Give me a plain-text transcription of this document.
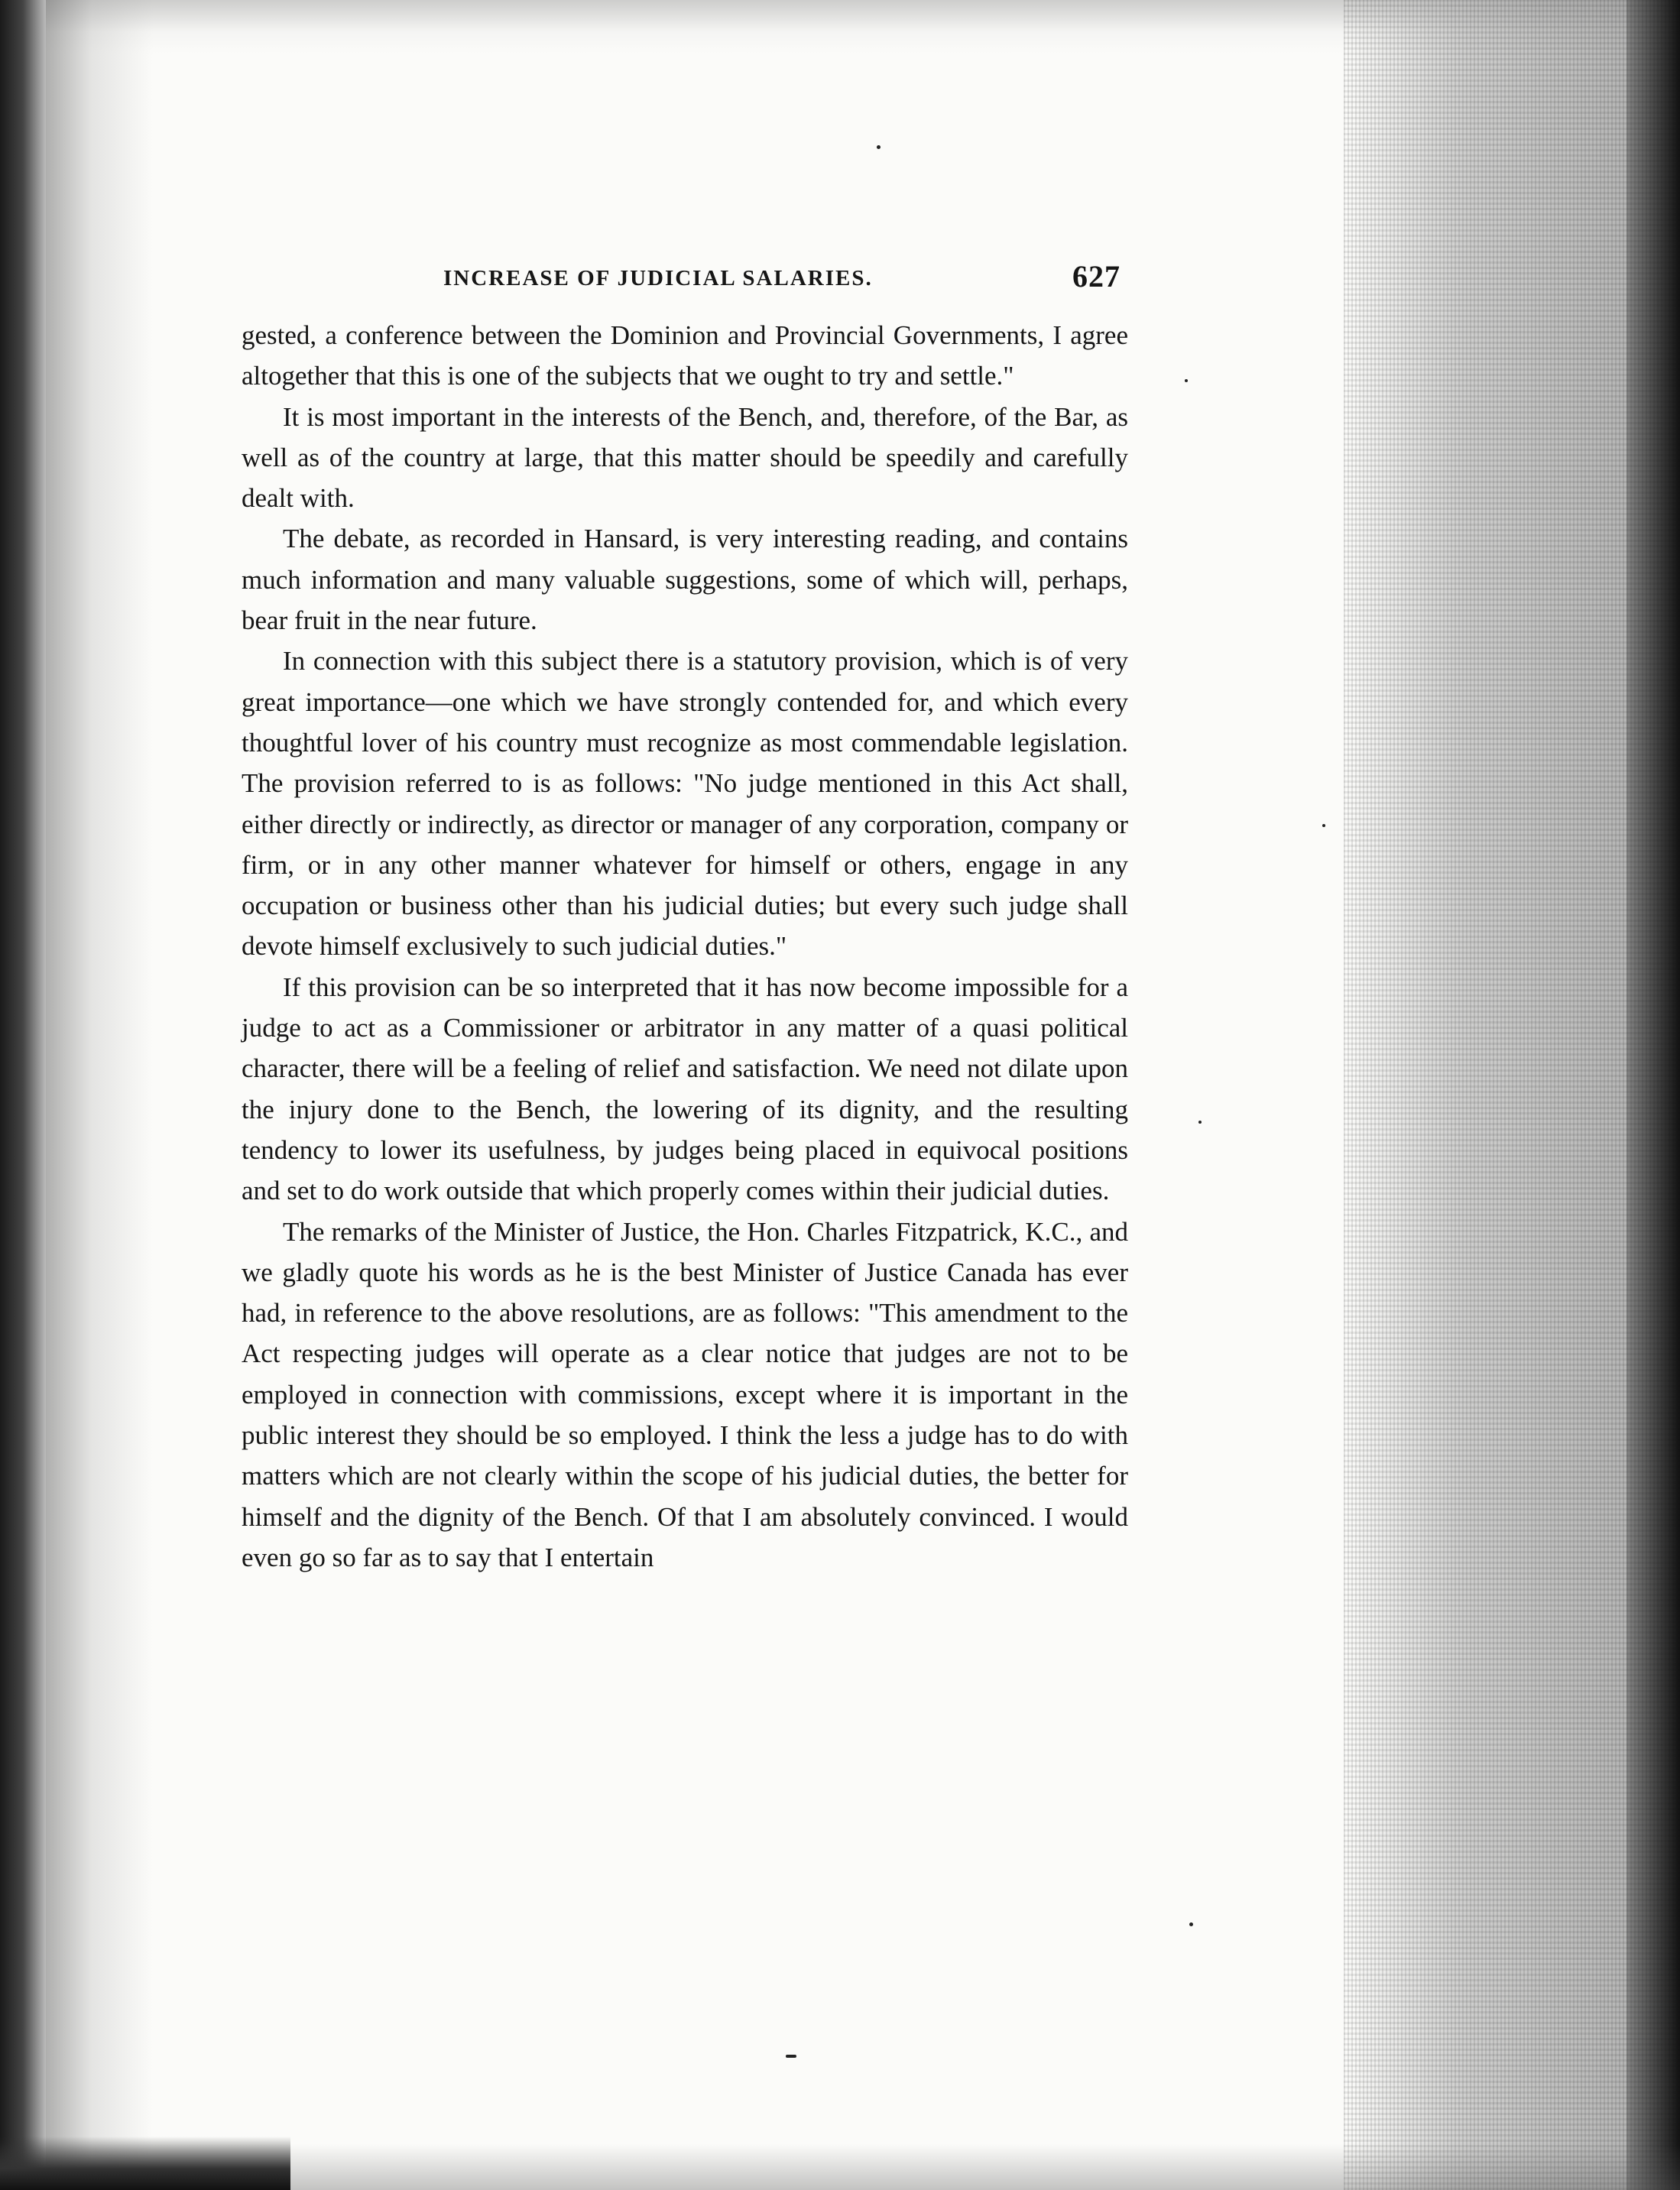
INCREASE OF JUDICIAL SALARIES.	627

gested, a conference between the Dominion and Provincial Governments, I agree altogether that this is one of the subjects that we ought to try and settle."

It is most important in the interests of the Bench, and, therefore, of the Bar, as well as of the country at large, that this matter should be speedily and carefully dealt with.

The debate, as recorded in Hansard, is very interesting reading, and contains much information and many valuable suggestions, some of which will, perhaps, bear fruit in the near future.

In connection with this subject there is a statutory provision, which is of very great importance—one which we have strongly contended for, and which every thoughtful lover of his country must recognize as most commendable legislation. The provision referred to is as follows: "No judge mentioned in this Act shall, either directly or indirectly, as director or manager of any corporation, company or firm, or in any other manner whatever for himself or others, engage in any occupation or business other than his judicial duties; but every such judge shall devote himself exclusively to such judicial duties."

If this provision can be so interpreted that it has now become impossible for a judge to act as a Commissioner or arbitrator in any matter of a quasi political character, there will be a feeling of relief and satisfaction. We need not dilate upon the injury done to the Bench, the lowering of its dignity, and the resulting tendency to lower its usefulness, by judges being placed in equivocal positions and set to do work outside that which properly comes within their judicial duties.

The remarks of the Minister of Justice, the Hon. Charles Fitzpatrick, K.C., and we gladly quote his words as he is the best Minister of Justice Canada has ever had, in reference to the above resolutions, are as follows: "This amendment to the Act respecting judges will operate as a clear notice that judges are not to be employed in connection with commissions, except where it is important in the public interest they should be so employed. I think the less a judge has to do with matters which are not clearly within the scope of his judicial duties, the better for himself and the dignity of the Bench. Of that I am absolutely convinced. I would even go so far as to say that I entertain
